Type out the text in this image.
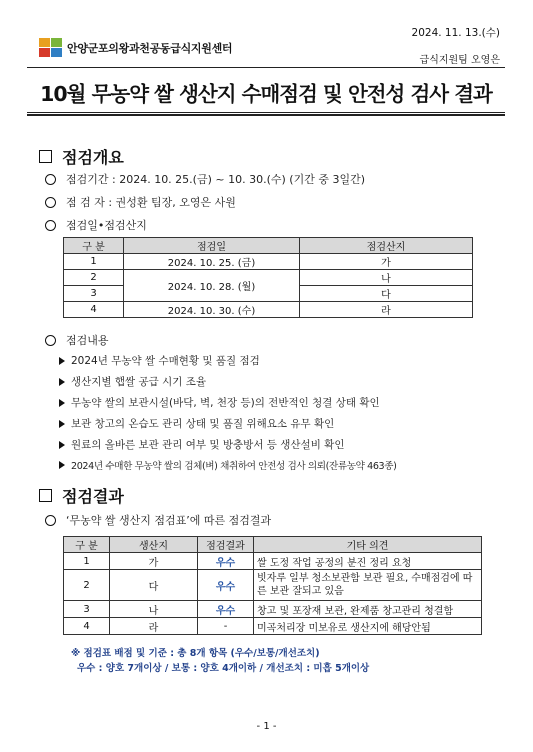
2024. 11. 13.(수)
안양군포의왕과천공동급식지원센터
급식지원팀 오영은
10월 무농약 쌀 생산지 수매점검 및 안전성 검사 결과
점검개요
점검기간 : 2024. 10. 25.(금) ~ 10. 30.(수) (기간 중 3일간)
점 검 자 : 권성환 팀장, 오영은 사원
점검일•점검산지
구 분	점검일	점검산지
1	2024. 10. 25. (금)	가
2	2024. 10. 28. (월)	나
3		다
4	2024. 10. 30. (수)	라
점검내용
2024년 무농약 쌀 수매현황 및 품질 점검
생산지별 햅쌀 공급 시기 조율
무농약 쌀의 보관시설(바닥, 벽, 천장 등)의 전반적인 청결 상태 확인
보관 창고의 온습도 관리 상태 및 품질 위해요소 유무 확인
원료의 올바른 보관 관리 여부 및 방충방서 등 생산설비 확인
2024년 수매한 무농약 쌀의 검체(벼) 채취하여 안전성 검사 의뢰(잔류농약 463종)
점검결과
‘무농약 쌀 생산지 점검표’에 따른 점검결과
구 분	생산지	점검결과	기타 의견
1	가	우수	쌀 도정 작업 공정의 분진 정리 요청
2	다	우수	빗자루 일부 청소보관함 보관 필요, 수매점검에 따른 보관 잘되고 있음
3	나	우수	창고 및 포장재 보관, 완제품 창고관리 청결함
4	라	-	미곡처리장 미보유로 생산지에 해당안됨
※ 점검표 배점 및 기준 : 총 8개 항목 (우수/보통/개선조치)
우수 : 양호 7개이상 / 보통 : 양호 4개이하 / 개선조치 : 미흡 5개이상
- 1 -
